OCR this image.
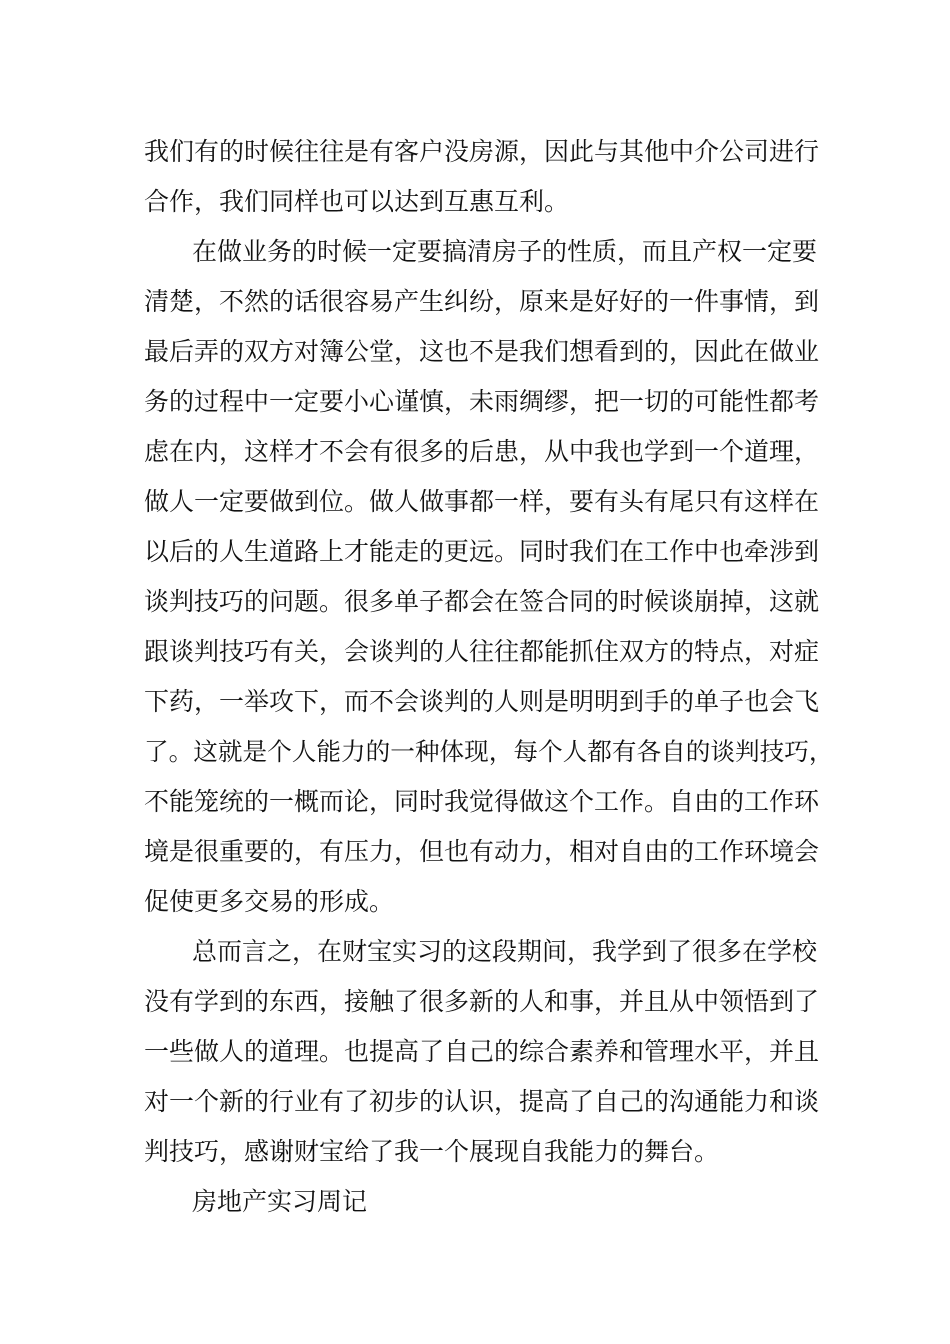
我们有的时候往往是有客户没房源，因此与其他中介公司进行
合作，我们同样也可以达到互惠互利。
在做业务的时候一定要搞清房子的性质，而且产权一定要
清楚，不然的话很容易产生纠纷，原来是好好的一件事情，到
最后弄的双方对簿公堂，这也不是我们想看到的，因此在做业
务的过程中一定要小心谨慎，未雨绸缪，把一切的可能性都考
虑在内，这样才不会有很多的后患，从中我也学到一个道理，
做人一定要做到位。做人做事都一样，要有头有尾只有这样在
以后的人生道路上才能走的更远。同时我们在工作中也牵涉到
谈判技巧的问题。很多单子都会在签合同的时候谈崩掉，这就
跟谈判技巧有关，会谈判的人往往都能抓住双方的特点，对症
下药，一举攻下，而不会谈判的人则是明明到手的单子也会飞
了。这就是个人能力的一种体现，每个人都有各自的谈判技巧，
不能笼统的一概而论，同时我觉得做这个工作。自由的工作环
境是很重要的，有压力，但也有动力，相对自由的工作环境会
促使更多交易的形成。
总而言之，在财宝实习的这段期间，我学到了很多在学校
没有学到的东西，接触了很多新的人和事，并且从中领悟到了
一些做人的道理。也提高了自己的综合素养和管理水平，并且
对一个新的行业有了初步的认识，提高了自己的沟通能力和谈
判技巧，感谢财宝给了我一个展现自我能力的舞台。
房地产实习周记
